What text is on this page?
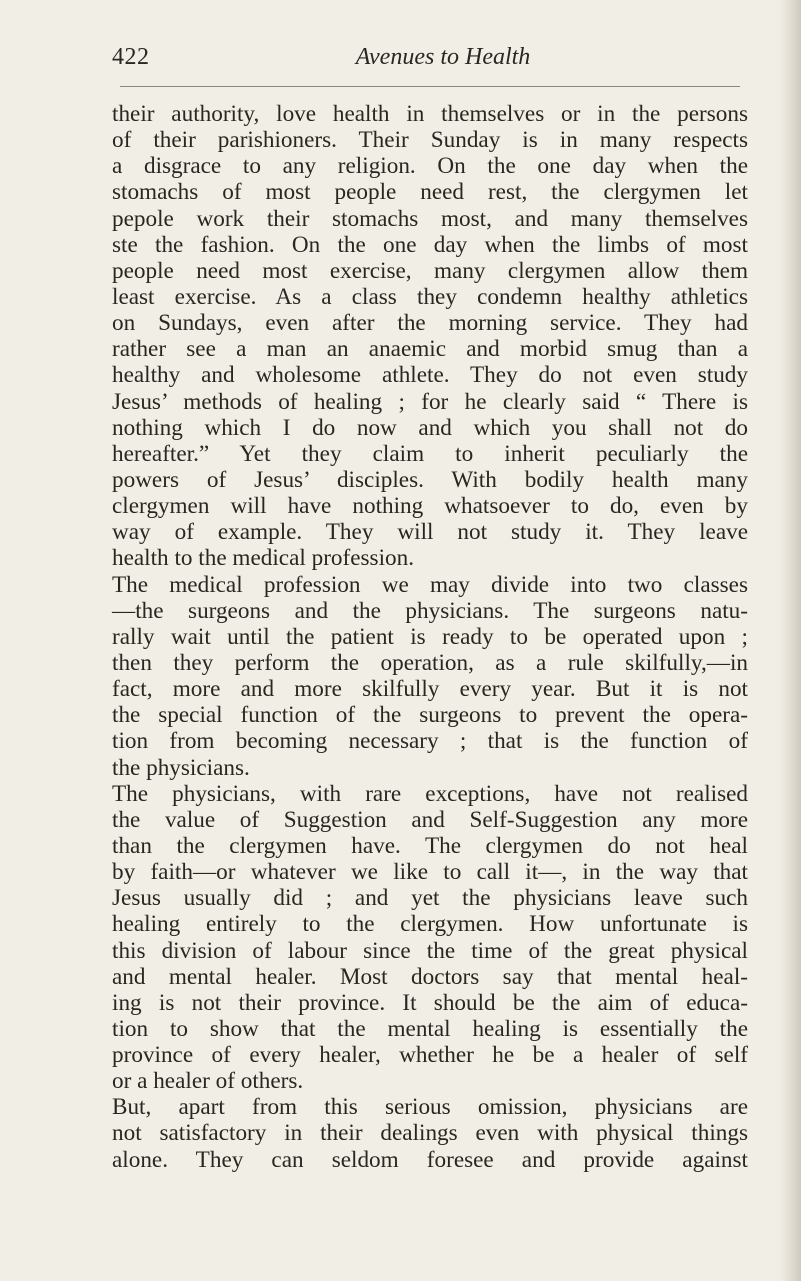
422	Avenues to Health
their authority, love health in themselves or in the persons
of their parishioners. Their Sunday is in many respects
a disgrace to any religion. On the one day when the
stomachs of most people need rest, the clergymen let
pepole work their stomachs most, and many themselves
ste the fashion. On the one day when the limbs of most
people need most exercise, many clergymen allow them
least exercise. As a class they condemn healthy athletics
on Sundays, even after the morning service. They had
rather see a man an anaemic and morbid smug than a
healthy and wholesome athlete. They do not even study
Jesus’ methods of healing ; for he clearly said “ There is
nothing which I do now and which you shall not do
hereafter.” Yet they claim to inherit peculiarly the
powers of Jesus’ disciples. With bodily health many
clergymen will have nothing whatsoever to do, even by
way of example. They will not study it. They leave
health to the medical profession.
The medical profession we may divide into two classes
—the surgeons and the physicians. The surgeons natu-
rally wait until the patient is ready to be operated upon ;
then they perform the operation, as a rule skilfully,—in
fact, more and more skilfully every year. But it is not
the special function of the surgeons to prevent the opera-
tion from becoming necessary ; that is the function of
the physicians.
The physicians, with rare exceptions, have not realised
the value of Suggestion and Self-Suggestion any more
than the clergymen have. The clergymen do not heal
by faith—or whatever we like to call it—, in the way that
Jesus usually did ; and yet the physicians leave such
healing entirely to the clergymen. How unfortunate is
this division of labour since the time of the great physical
and mental healer. Most doctors say that mental heal-
ing is not their province. It should be the aim of educa-
tion to show that the mental healing is essentially the
province of every healer, whether he be a healer of self
or a healer of others.
But, apart from this serious omission, physicians are
not satisfactory in their dealings even with physical things
alone. They can seldom foresee and provide against
